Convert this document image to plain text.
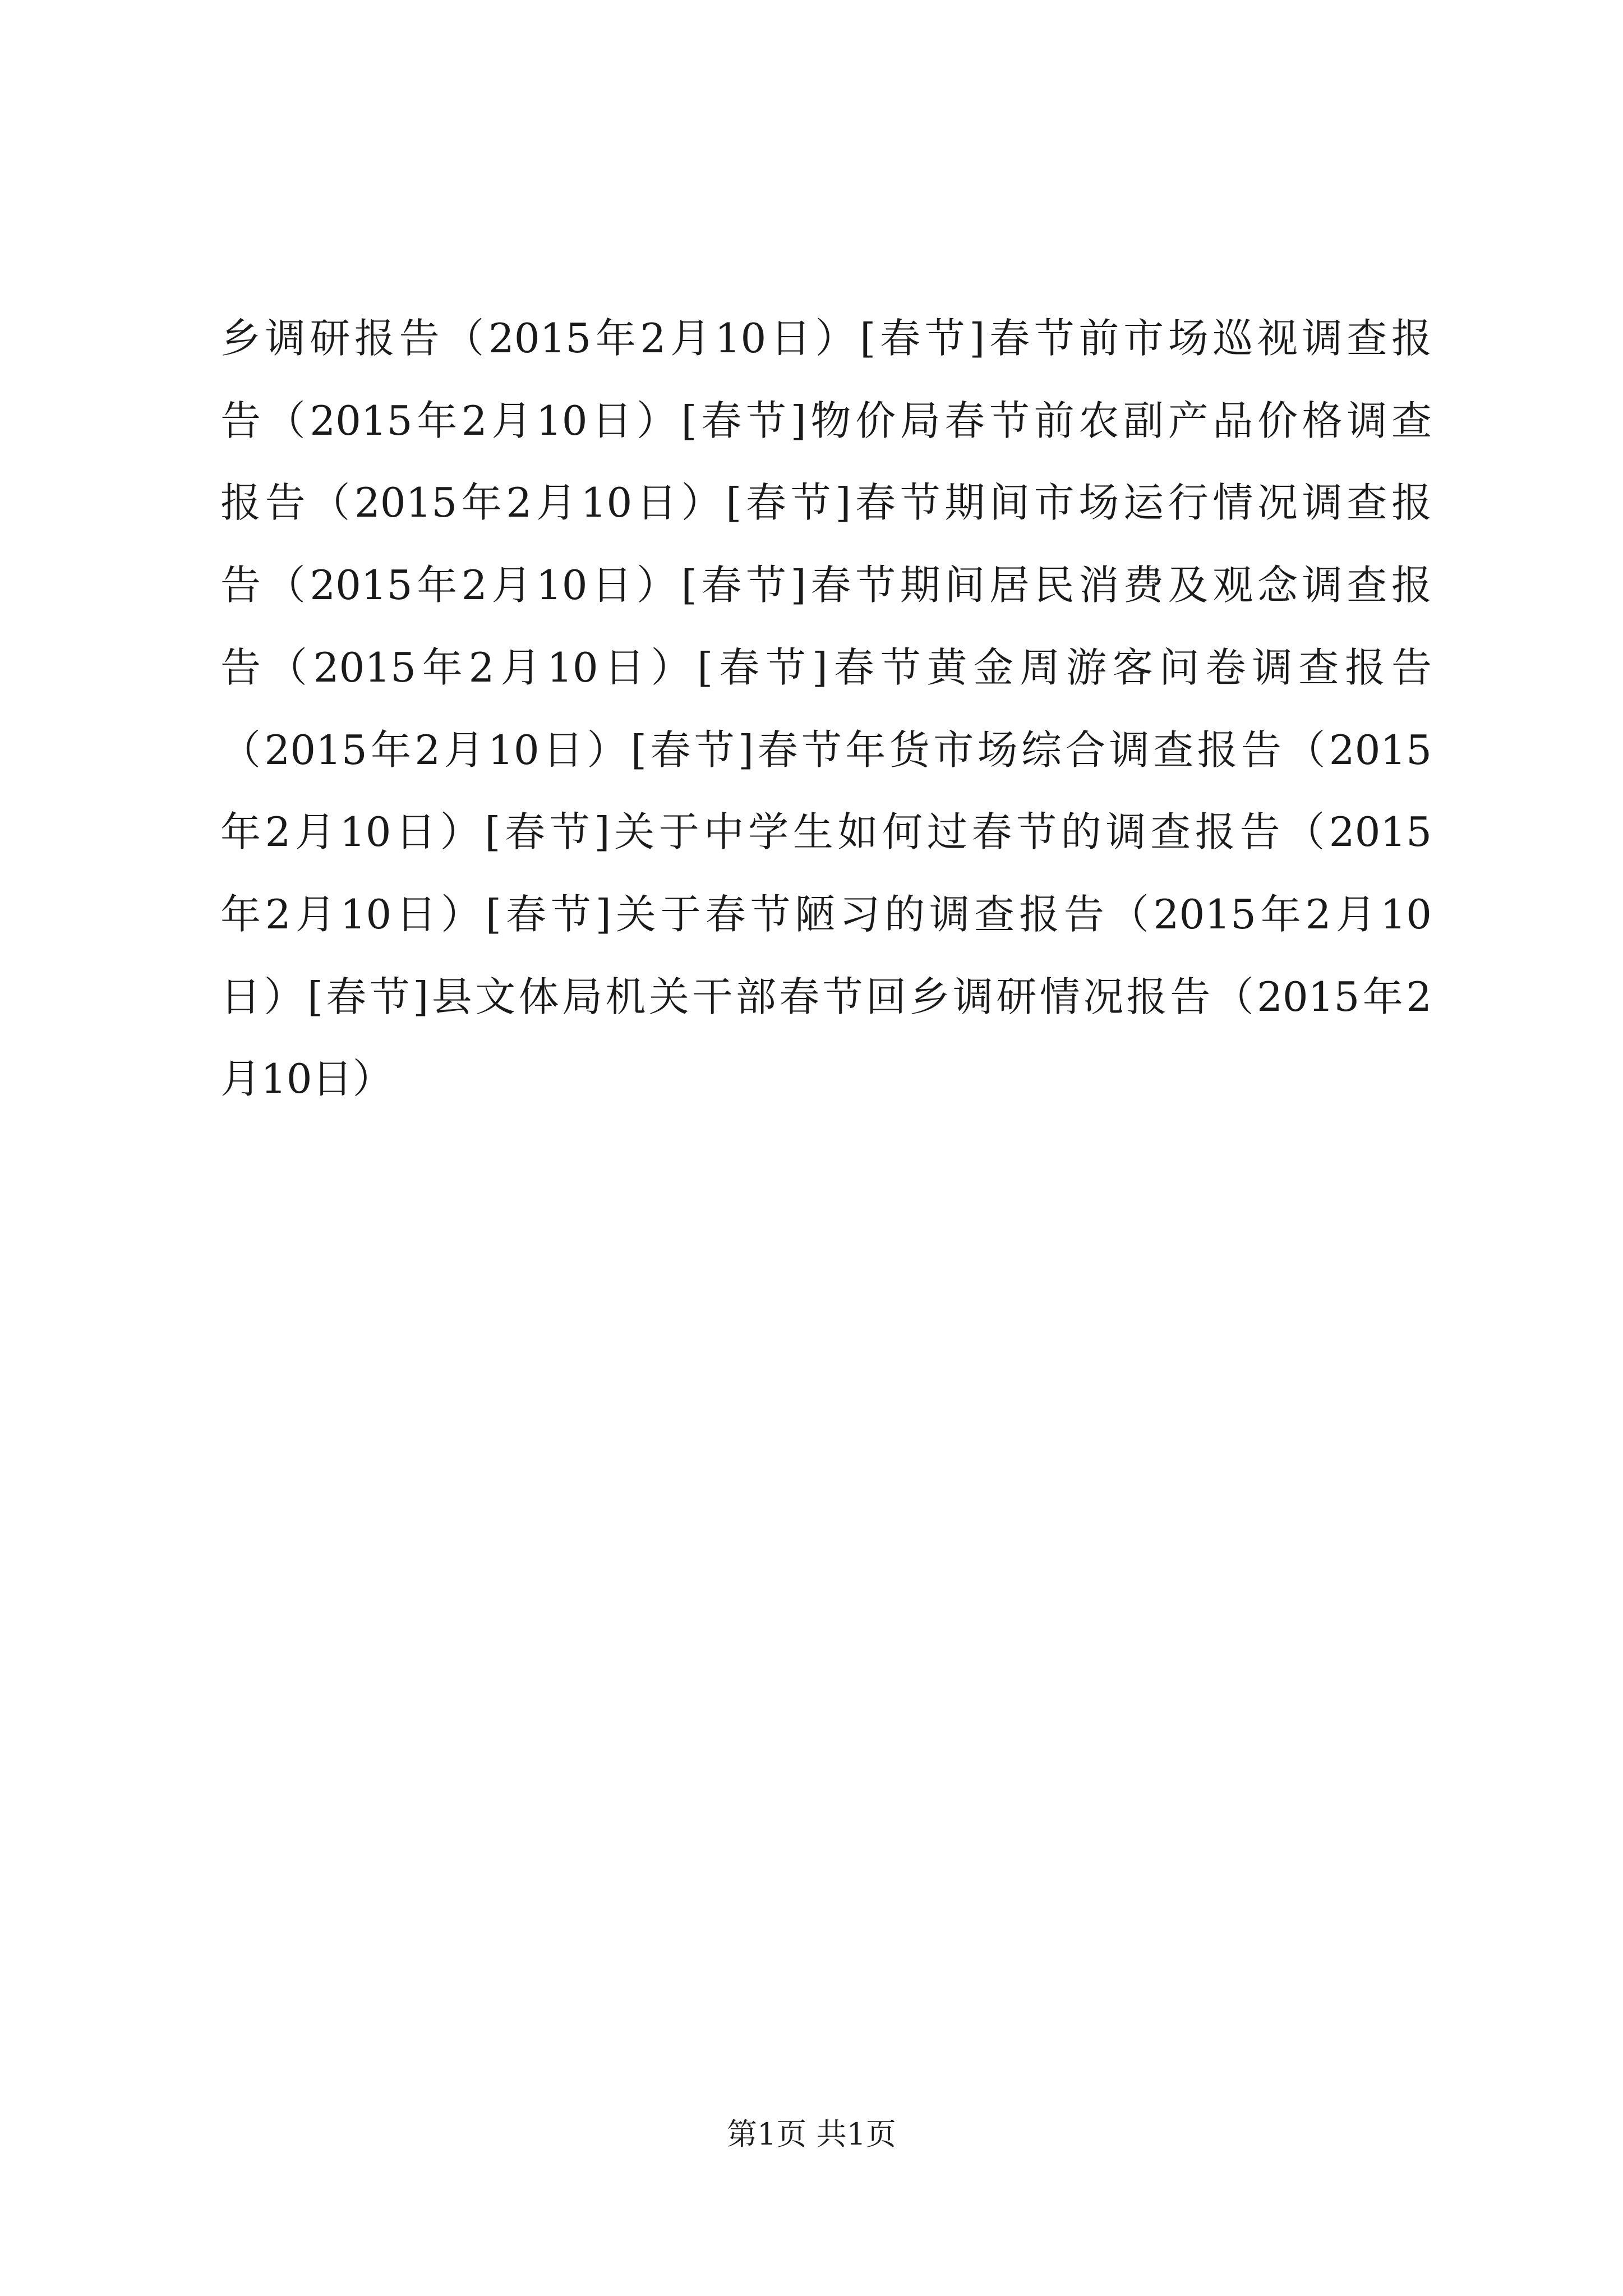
乡调研报告（2015年2月10日）[春节]春节前市场巡视调查报
告（2015年2月10日）[春节]物价局春节前农副产品价格调查
报告（2015年2月10日）[春节]春节期间市场运行情况调查报
告（2015年2月10日）[春节]春节期间居民消费及观念调查报
告（2015年2月10日）[春节]春节黄金周游客问卷调查报告
（2015年2月10日）[春节]春节年货市场综合调查报告（2015
年2月10日）[春节]关于中学生如何过春节的调查报告（2015
年2月10日）[春节]关于春节陋习的调查报告（2015年2月10
日）[春节]县文体局机关干部春节回乡调研情况报告（2015年2
月10日）
第1页 共1页
